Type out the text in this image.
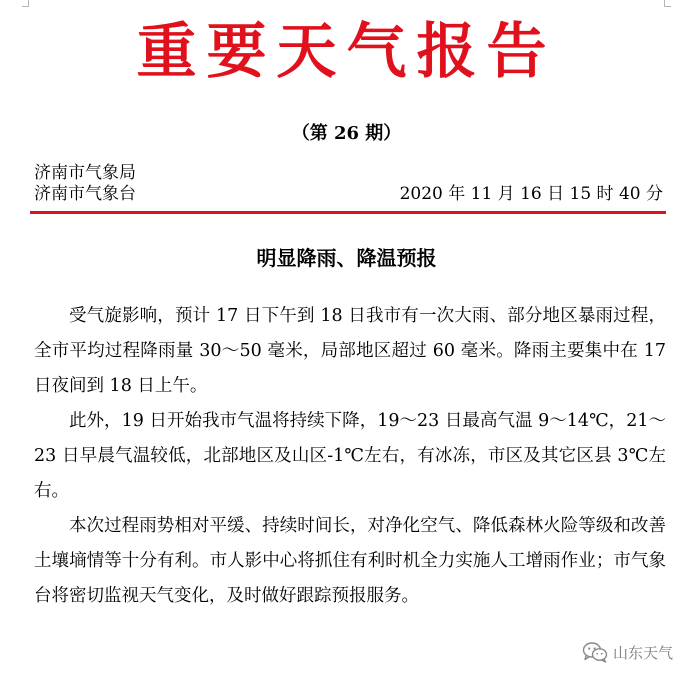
重要天气报告
（第 26 期）
济南市气象局
济南市气象台	2020 年 11 月 16 日 15 时 40 分
明显降雨、降温预报

受气旋影响，预计 17 日下午到 18 日我市有一次大雨、部分地区暴雨过程，全市平均过程降雨量 30～50 毫米，局部地区超过 60 毫米。降雨主要集中在 17 日夜间到 18 日上午。

此外，19 日开始我市气温将持续下降，19～23 日最高气温 9～14℃，21～23 日早晨气温较低，北部地区及山区-1℃左右，有冰冻，市区及其它区县 3℃左右。

本次过程雨势相对平缓、持续时间长，对净化空气、降低森林火险等级和改善土壤墒情等十分有利。市人影中心将抓住有利时机全力实施人工增雨作业；市气象台将密切监视天气变化，及时做好跟踪预报服务。

山东天气
